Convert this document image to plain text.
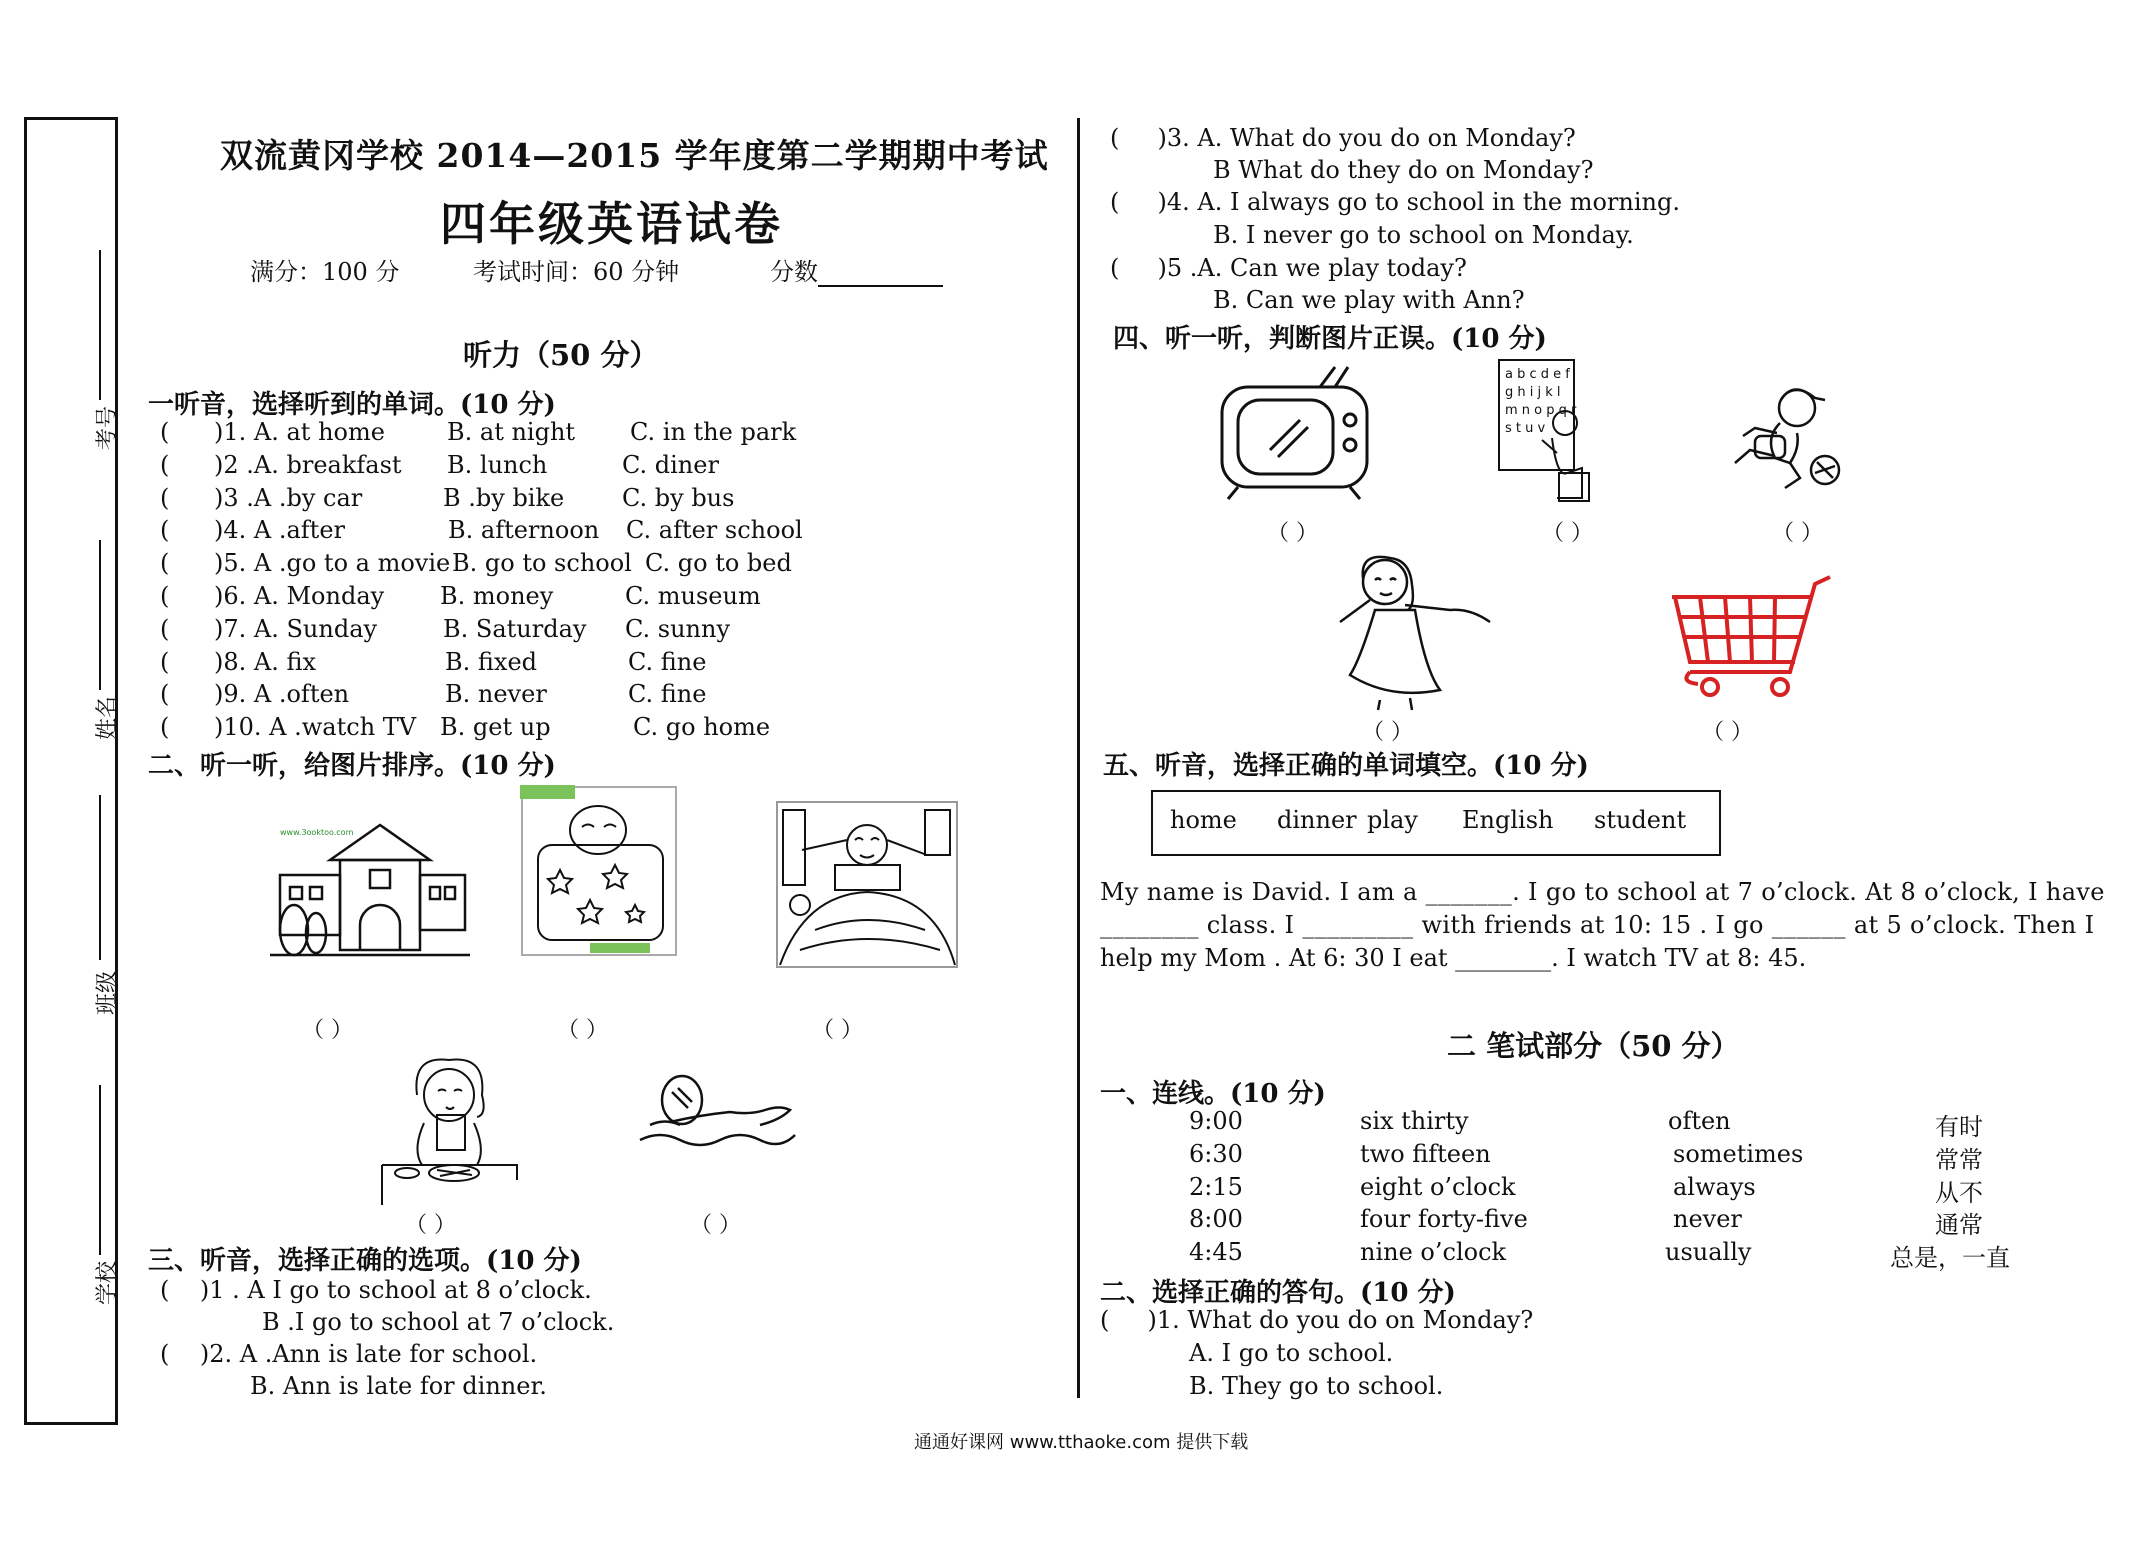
考号
姓名
班级
学校
双流黄冈学校 2014—2015 学年度第二学期期中考试
四年级英语试卷
满分：100 分	考试时间：60 分钟	分数
听力（50 分）
一听音，选择听到的单词。(10 分)
( )1. A. at home	B. at night C. in the park
( )2 .A. breakfast B. lunch	C. diner
( )3 .A .by car	B .by bike C. by bus
( )4. A .after	B. afternoon C. after school
( )5. A .go to a movie B. go to school C. go to bed
( )6. A. Monday B. money	C. museum
( )7. A. Sunday	B. Saturday C. sunny
( )8. A. fix	B. fixed	C. fine
( )9. A .often	B. never	C. fine
( )10. A .watch TV B. get up	C. go home
二、听一听，给图片排序。(10 分)
www.3ooktoo.com
（ ）	（ ）	（ ）
（ ）	（ ）
三、听音，选择正确的选项。(10 分)
(    )1 . A I go to school at 8 o’clock.
B .I go to school at 7 o’clock.
(    )2. A .Ann is late for school.
B. Ann is late for dinner.
(     )3. A. What do you do on Monday?
B What do they do on Monday?
(     )4. A. I always go to school in the morning.
B. I never go to school on Monday.
(     )5 .A. Can we play today?
B. Can we play with Ann?
四、听一听，判断图片正误。(10 分)
a b c d e f
g h i j k l
m n o p q r
s t u v
（ ）	（ ）	（ ）
（ ）	（ ）
五、听音，选择正确的单词填空。(10 分)
home dinner play English student
My name is David. I am a _______. I go to school at 7 o’clock. At 8 o’clock, I have
________ class. I _________ with friends at 10: 15 . I go ______ at 5 o’clock. Then I
help my Mom . At 6: 30 I eat ________. I watch TV at 8: 45.
二 笔试部分（50 分）
一、连线。(10 分)
9:00	six thirty	often	有时
6:30	two fifteen	sometimes	常常
2:15	eight o’clock	always	从不
8:00	four forty-five	never	通常
4:45	nine o’clock	usually	总是，一直
二、选择正确的答句。(10 分)
(     )1. What do you do on Monday?
A. I go to school.
B. They go to school.
通通好课网 www.tthaoke.com 提供下载
